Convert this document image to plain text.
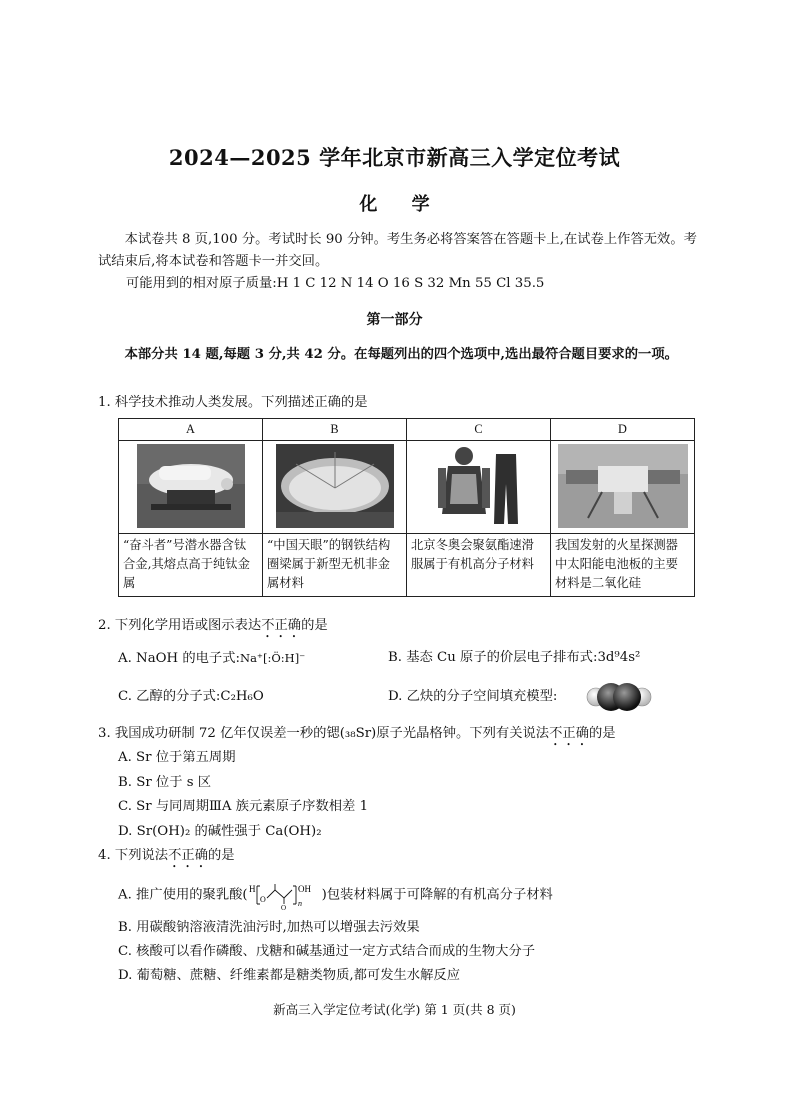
2024—2025 学年北京市新高三入学定位考试
化 学
本试卷共 8 页,100 分。考试时长 90 分钟。考生务必将答案答在答题卡上,在试卷上作答无效。考试结束后,将本试卷和答题卡一并交回。
可能用到的相对原子质量:H 1 C 12 N 14 O 16 S 32 Mn 55 Cl 35.5
第一部分
本部分共 14 题,每题 3 分,共 42 分。在每题列出的四个选项中,选出最符合题目要求的一项。
1. 科学技术推动人类发展。下列描述正确的是
A	B	C	D

“奋斗者”号潜水器含钛合金,其熔点高于纯钛金属	“中国天眼”的钢铁结构圈梁属于新型无机非金属材料	北京冬奥会聚氨酯速滑服属于有机高分子材料	我国发射的火星探测器中太阳能电池板的主要材料是二氧化硅
2. 下列化学用语或图示表达不正确的是
A. NaOH 的电子式:Na⁺[:Ö:H]⁻	B. 基态 Cu 原子的价层电子排布式:3d⁹4s²
C. 乙醇的分子式:C₂H₆O	D. 乙炔的分子空间填充模型:
3. 我国成功研制 72 亿年仅误差一秒的锶(₃₈Sr)原子光晶格钟。下列有关说法不正确的是
A. Sr 位于第五周期
B. Sr 位于 s 区
C. Sr 与同周期ⅢA 族元素原子序数相差 1
D. Sr(OH)₂ 的碱性强于 Ca(OH)₂
4. 下列说法不正确的是
A. 推广使用的聚乳酸( H
O
O
OH
n
)包装材料属于可降解的有机高分子材料
B. 用碳酸钠溶液清洗油污时,加热可以增强去污效果
C. 核酸可以看作磷酸、戊糖和碱基通过一定方式结合而成的生物大分子
D. 葡萄糖、蔗糖、纤维素都是糖类物质,都可发生水解反应
新高三入学定位考试(化学) 第 1 页(共 8 页)
